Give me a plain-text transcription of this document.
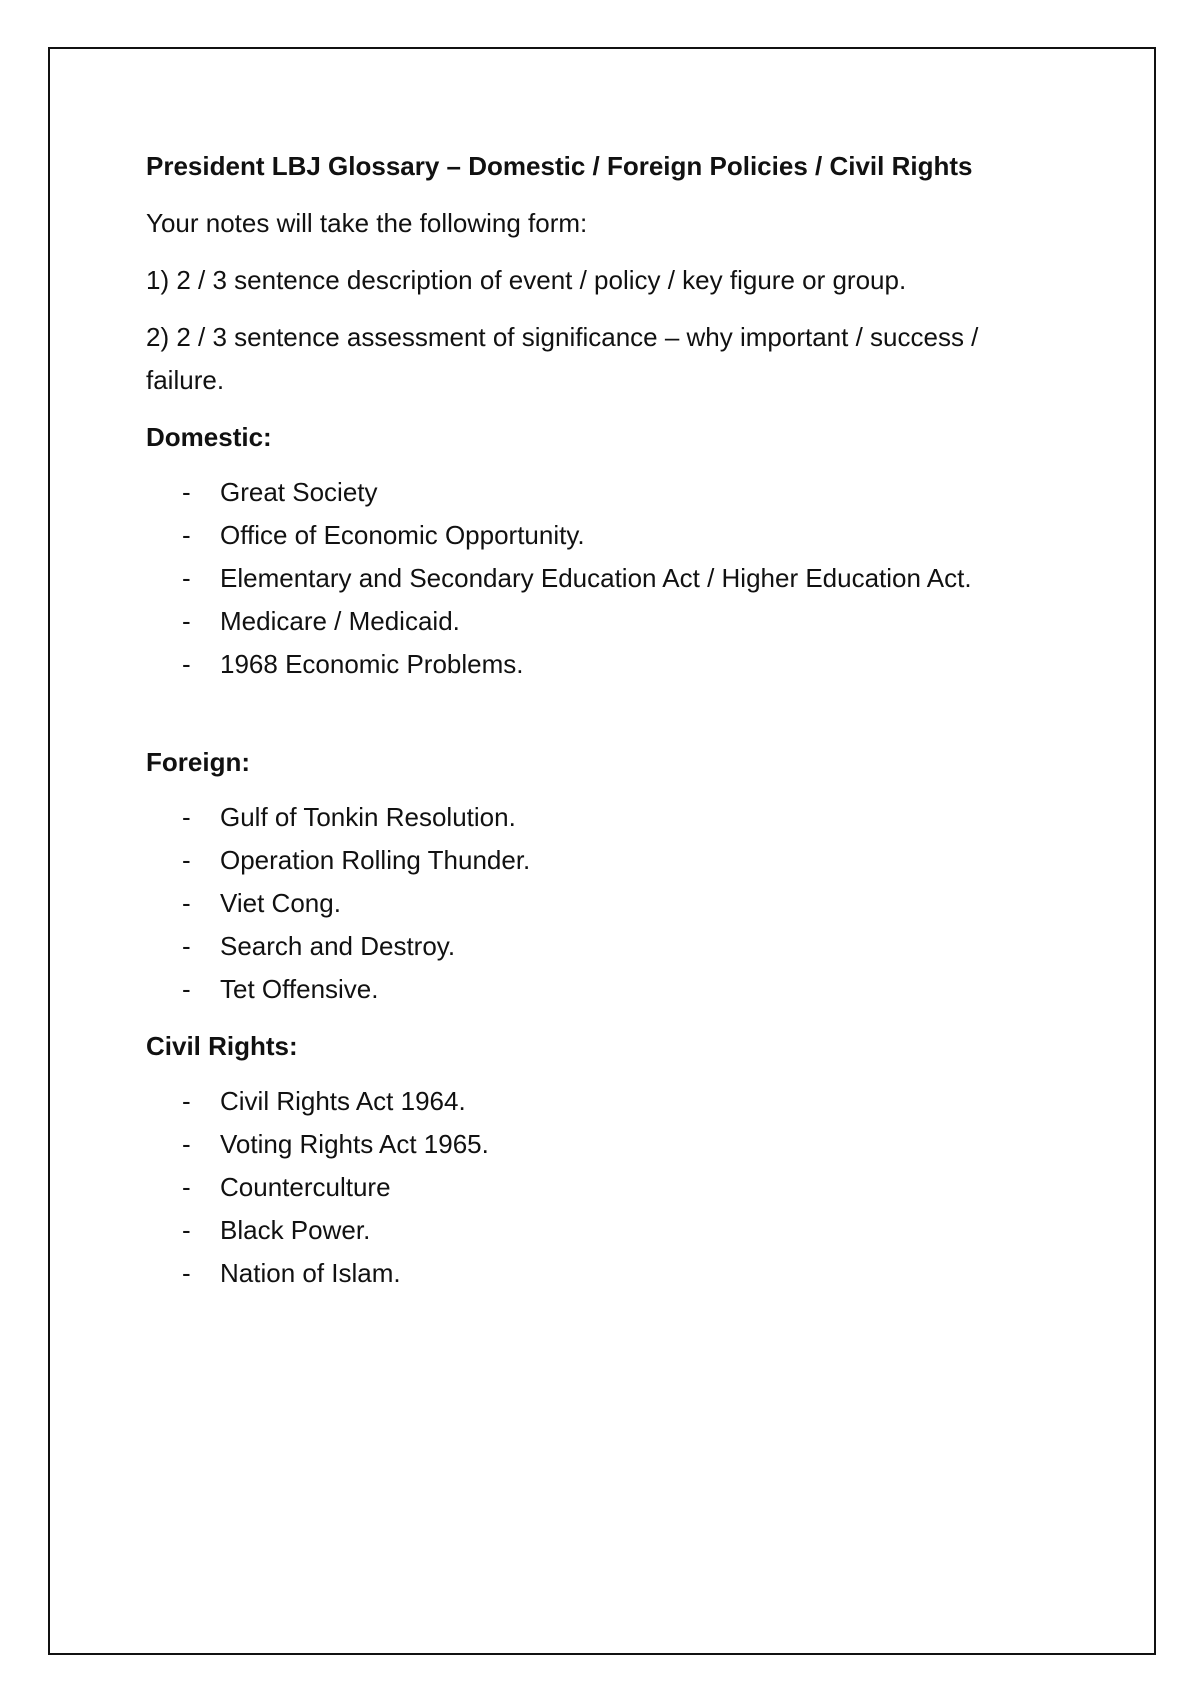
President LBJ Glossary – Domestic / Foreign Policies / Civil Rights
Your notes will take the following form:
1) 2 / 3 sentence description of event / policy / key figure or group.
2) 2 / 3 sentence assessment of significance – why important / success / failure.
Domestic:
- Great Society
- Office of Economic Opportunity.
- Elementary and Secondary Education Act / Higher Education Act.
- Medicare / Medicaid.
- 1968 Economic Problems.
Foreign:
- Gulf of Tonkin Resolution.
- Operation Rolling Thunder.
- Viet Cong.
- Search and Destroy.
- Tet Offensive.
Civil Rights:
- Civil Rights Act 1964.
- Voting Rights Act 1965.
- Counterculture
- Black Power.
- Nation of Islam.
